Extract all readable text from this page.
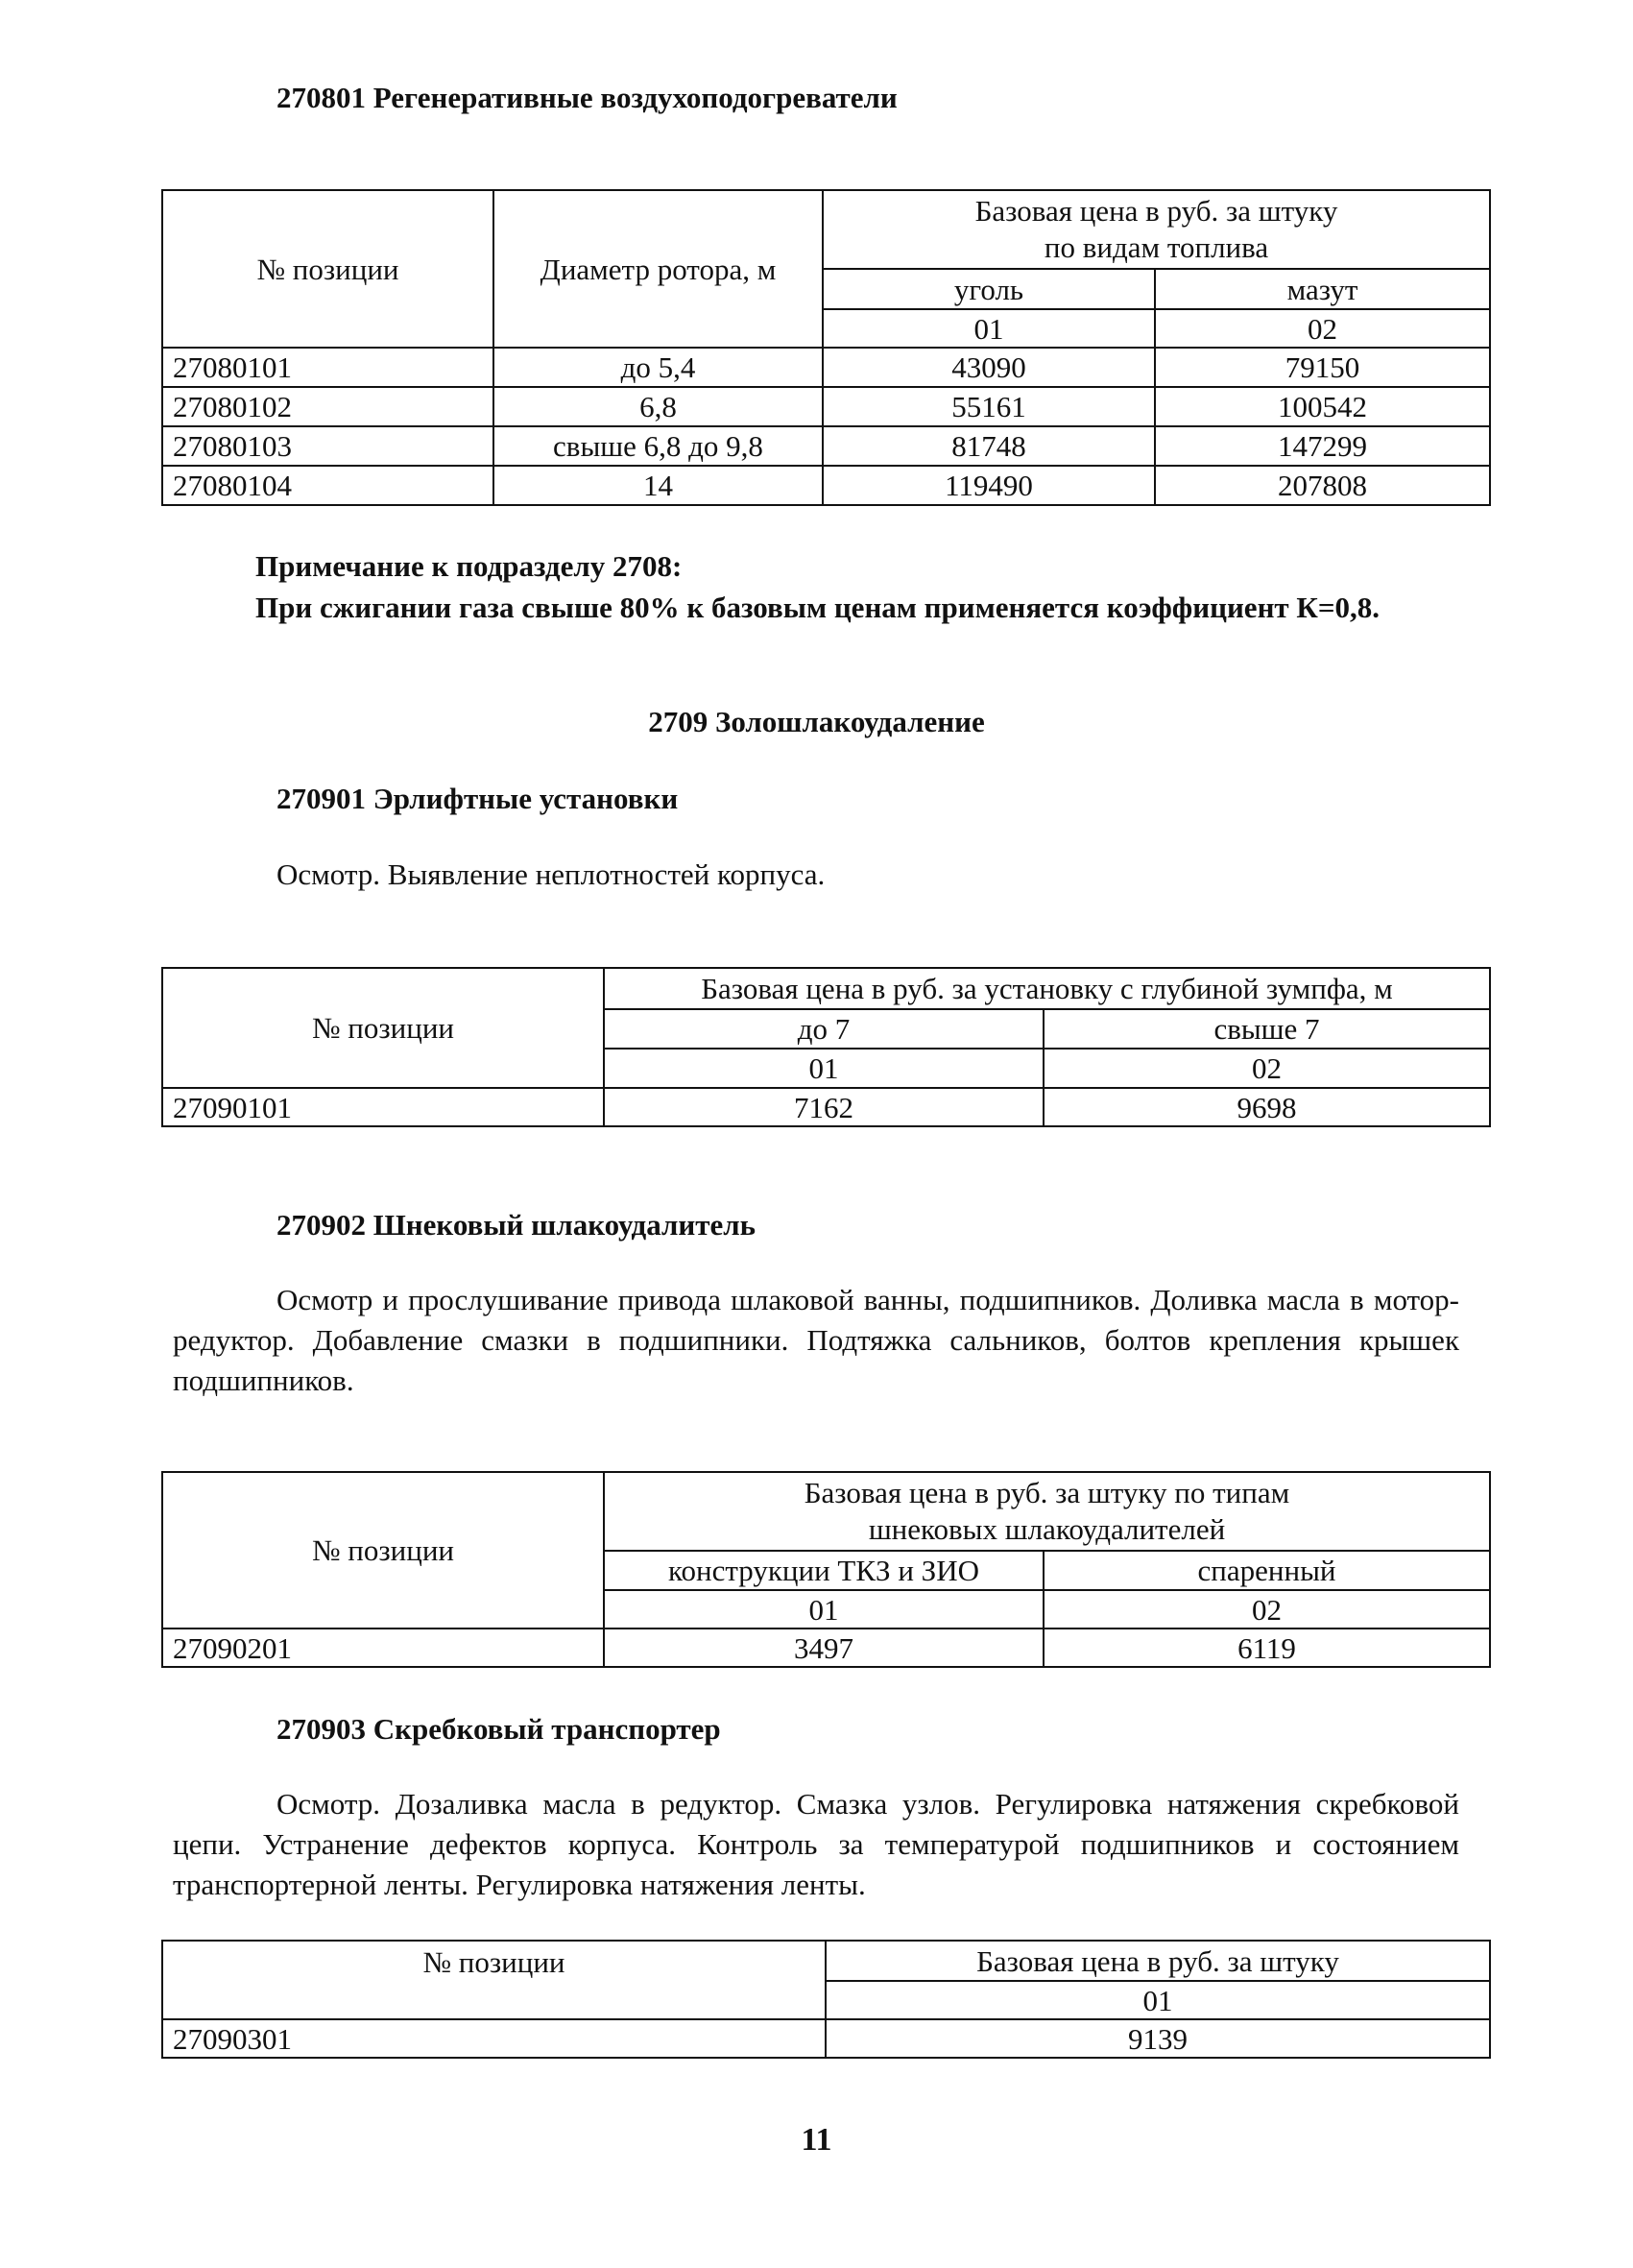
270801 Регенеративные воздухоподогреватели
№ позиции	Диаметр ротора, м	Базовая цена в руб. за штуку
по видам топлива	

		уголь	мазут
		01	02
27080101	до 5,4	43090	79150
27080102	6,8	55161	100542
27080103	свыше 6,8 до 9,8	81748	147299
27080104	14	119490	207808
Примечание к подразделу 2708:
При сжигании газа свыше 80% к базовым ценам применяется коэффициент К=0,8.
2709 Золошлакоудаление
270901 Эрлифтные установки
Осмотр. Выявление неплотностей корпуса.
№ позиции	Базовая цена в руб. за установку с глубиной зумпфа, м	
	до 7	свыше 7
	01	02
27090101	7162	9698
270902 Шнековый шлакоудалитель
Осмотр и прослушивание привода шлаковой ванны, подшипников. Доливка масла в мотор-редуктор. Добавление смазки в подшипники. Подтяжка сальников, болтов крепления крышек подшипников.
№ позиции	Базовая цена в руб. за штуку по типам
шнековых шлакоудалителей	

	конструкции ТКЗ и ЗИО	спаренный
	01	02
27090201	3497	6119
270903 Скребковый транспортер
Осмотр. Дозаливка масла в редуктор. Смазка узлов. Регулировка натяжения скребковой цепи. Устранение дефектов корпуса. Контроль за температурой подшипников и состоянием транспортерной ленты. Регулировка натяжения ленты.
№ позиции	Базовая цена в руб. за штуку
	01
27090301	9139
11
